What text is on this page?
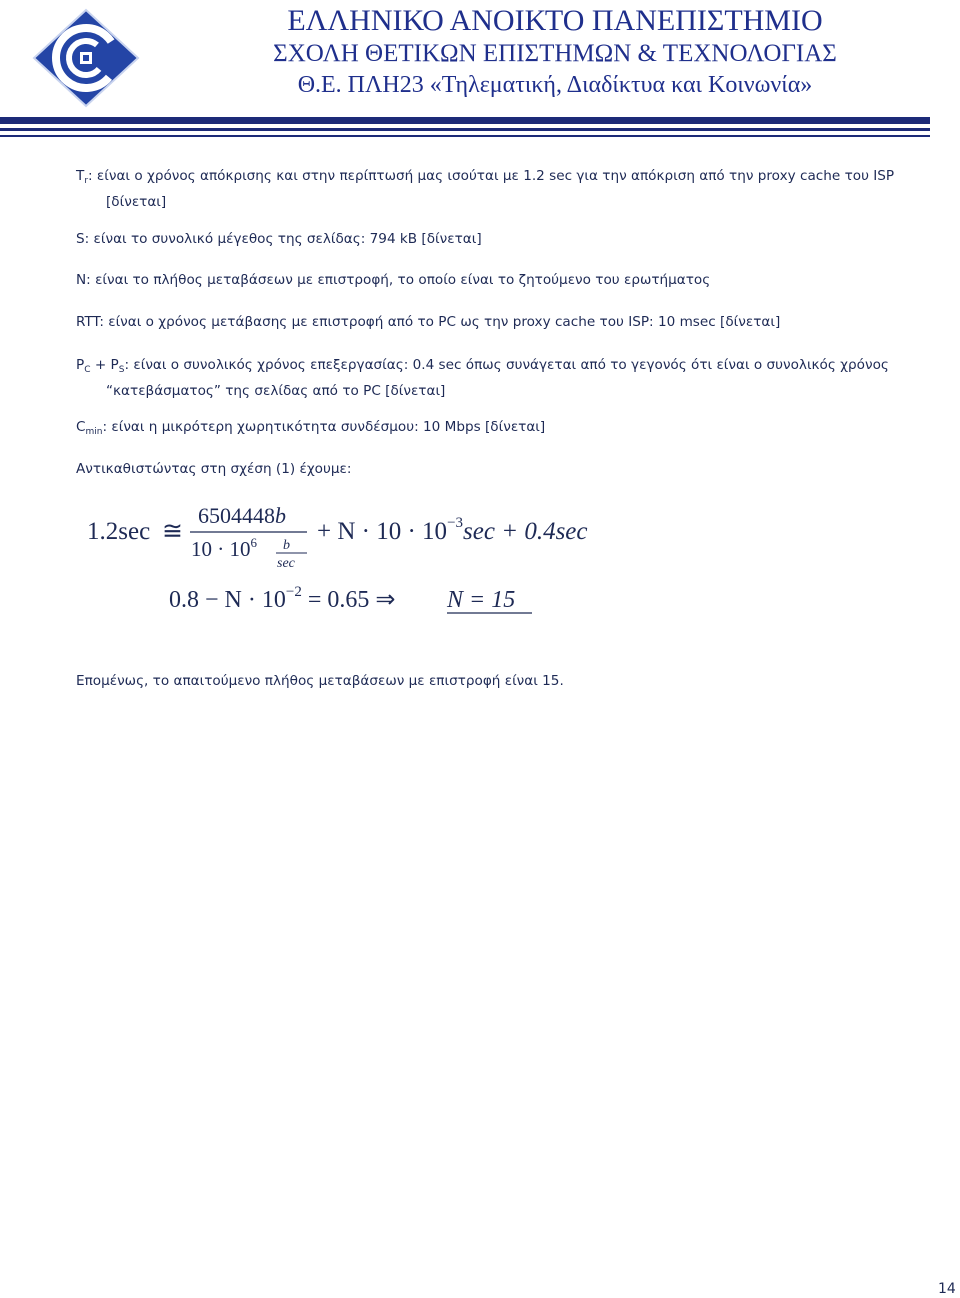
ΕΛΛΗΝΙΚΟ ΑΝΟΙΚΤΟ ΠΑΝΕΠΙΣΤΗΜΙΟ
ΣΧΟΛΗ ΘΕΤΙΚΩΝ ΕΠΙΣΤΗΜΩΝ & ΤΕΧΝΟΛΟΓΙΑΣ
Θ.Ε. ΠΛΗ23 «Τηλεματική, Διαδίκτυα και Κοινωνία»
$T_r$: είναι ο χρόνος απόκρισης και στην περίπτωσή μας ισούται με 1.2 sec για την απόκριση από την proxy cache του ISP
[δίνεται]
S: είναι το συνολικό μέγεθος της σελίδας: 794 kB [δίνεται]
N: είναι το πλήθος μεταβάσεων με επιστροφή, το οποίο είναι το ζητούμενο του ερωτήματος
RTT: είναι ο χρόνος μετάβασης με επιστροφή από το PC ως την proxy cache του ISP: 10 msec [δίνεται]
$P_C + P_S$: είναι ο συνολικός χρόνος επεξεργασίας: 0.4 sec όπως συνάγεται από το γεγονός ότι είναι ο συνολικός χρόνος
“κατεβάσματος” της σελίδας από το PC [δίνεται]
$C_{min}$: είναι η μικρότερη χωρητικότητα συνδέσμου: 10 Mbps [δίνεται]
Αντικαθιστώντας στη σχέση (1) έχουμε:
1.2sec ≅
6504448b
$10 \cdot 10^6$ b
sec
+ $N \cdot 10 \cdot 10^{-3}\sec + 0.4\sec$
$0.8 - N \cdot 10^{-2} = 0.65$ ⇒ N = 15
Επομένως, το απαιτούμενο πλήθος μεταβάσεων με επιστροφή είναι 15.
14
